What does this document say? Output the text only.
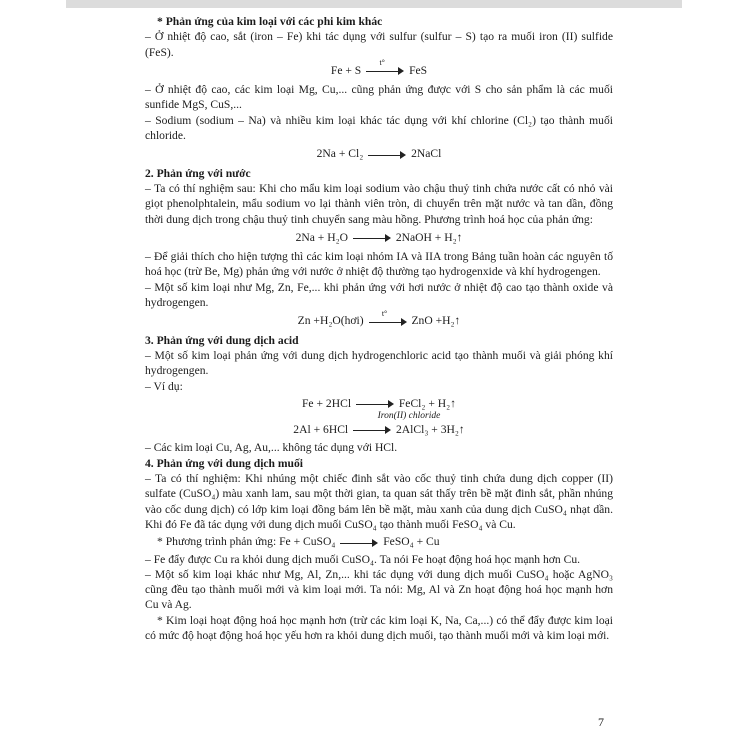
* Phản ứng của kim loại với các phi kim khác
– Ở nhiệt độ cao, sắt (iron – Fe) khi tác dụng với sulfur (sulfur – S) tạo ra muối iron (II) sulfide (FeS).
Fe + S
t°
FeS
– Ở nhiệt độ cao, các kim loại Mg, Cu,... cũng phản ứng được với S cho sản phẩm là các muối sunfide MgS, CuS,...
– Sodium (sodium – Na) và nhiều kim loại khác tác dụng với khí chlorine (Cl₂) tạo thành muối chloride.
2Na + Cl₂	2NaCl
2. Phản ứng với nước
– Ta có thí nghiệm sau: Khi cho mẩu kim loại sodium vào chậu thuỷ tinh chứa nước cất có nhỏ vài giọt phenolphtalein, mẩu sodium vo lại thành viên tròn, di chuyển trên mặt nước và tan dần, đồng thời dung dịch trong chậu thuỷ tinh chuyển sang màu hồng. Phương trình hoá học của phản ứng:
2Na + H₂O	2NaOH + H₂↑
– Để giải thích cho hiện tượng thì các kim loại nhóm IA và IIA trong Bảng tuần hoàn các nguyên tố hoá học (trừ Be, Mg) phản ứng với nước ở nhiệt độ thường tạo hydrogenxide và khí hydrogengen.
– Một số kim loại như Mg, Zn, Fe,... khi phản ứng với hơi nước ở nhiệt độ cao tạo thành oxide và hydrogengen.
Zn +H₂O(hơi)
t°
ZnO +H₂↑
3. Phản ứng với dung dịch acid
– Một số kim loại phản ứng với dung dịch hydrogenchloric acid tạo thành muối và giải phóng khí hydrogengen.
– Ví dụ:
Fe + 2HCl	FeCl₂ + H₂↑
Iron(II) chloride
2Al + 6HCl	2AlCl₃ + 3H₂↑
– Các kim loại Cu, Ag, Au,... không tác dụng với HCl.
4. Phản ứng với dung dịch muối
– Ta có thí nghiệm: Khi nhúng một chiếc đinh sắt vào cốc thuỷ tinh chứa dung dịch copper (II) sulfate (CuSO₄) màu xanh lam, sau một thời gian, ta quan sát thấy trên bề mặt đinh sắt, phần nhúng vào cốc dung dịch) có lớp kim loại đồng bám lên bề mặt, màu xanh của dung dịch CuSO₄ nhạt dần. Khi đó Fe đã tác dụng với dung dịch muối CuSO₄ tạo thành muối FeSO₄ và Cu.
* Phương trình phản ứng: Fe + CuSO₄	FeSO₄ + Cu
– Fe đẩy được Cu ra khỏi dung dịch muối CuSO₄. Ta nói Fe hoạt động hoá học mạnh hơn Cu.
– Một số kim loại khác như Mg, Al, Zn,... khi tác dụng với dung dịch muối CuSO₄ hoặc AgNO₃ cũng đều tạo thành muối mới và kim loại mới. Ta nói: Mg, Al và Zn hoạt động hoá học mạnh hơn Cu và Ag.
* Kim loại hoạt động hoá học mạnh hơn (trừ các kim loại K, Na, Ca,...) có thể đẩy được kim loại có mức độ hoạt động hoá học yếu hơn ra khỏi dung dịch muối, tạo thành muối mới và kim loại mới.
7
